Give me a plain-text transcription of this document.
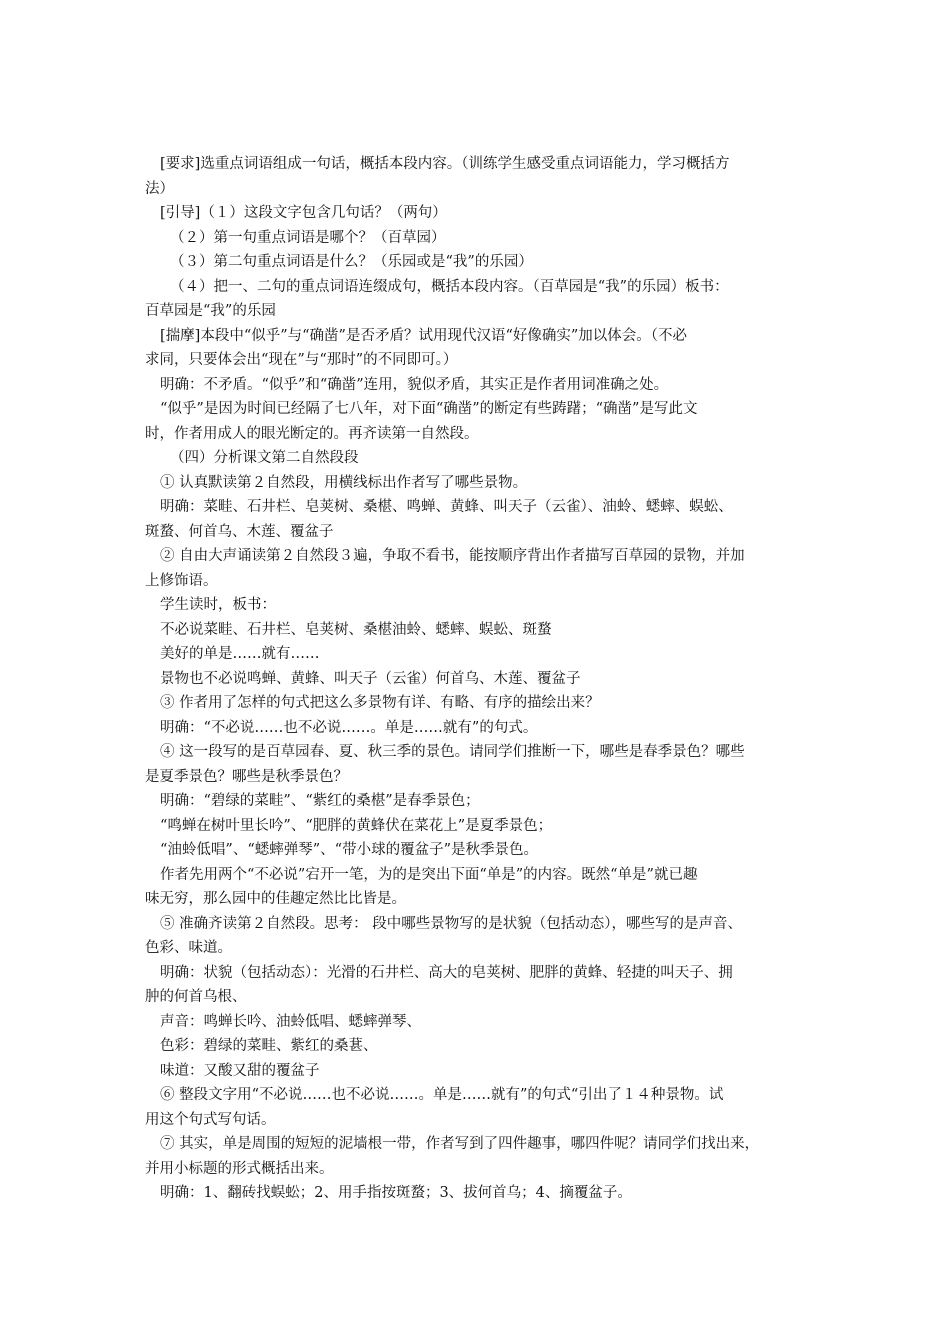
[要求]选重点词语组成一句话，概括本段内容。（训练学生感受重点词语能力，学习概括方
法）
[引导]（１）这段文字包含几句话？（两句）
（２）第一句重点词语是哪个？（百草园）
（３）第二句重点词语是什么？（乐园或是“我”的乐园）
（４）把一、二句的重点词语连缀成句，概括本段内容。（百草园是“我”的乐园）板书：
百草园是“我”的乐园
[揣摩]本段中“似乎”与“确凿”是否矛盾？试用现代汉语“好像确实”加以体会。（不必
求同，只要体会出“现在”与“那时”的不同即可。）
明确：不矛盾。“似乎”和“确凿”连用，貌似矛盾，其实正是作者用词准确之处。
“似乎”是因为时间已经隔了七八年，对下面“确凿”的断定有些踌躇；“确凿”是写此文
时，作者用成人的眼光断定的。再齐读第一自然段。
（四）分析课文第二自然段段
① 认真默读第２自然段，用横线标出作者写了哪些景物。
明确：菜畦、石井栏、皂荚树、桑椹、鸣蝉、黄蜂、叫天子（云雀）、油蛉、蟋蟀、蜈蚣、
斑蝥、何首乌、木莲、覆盆子
② 自由大声诵读第２自然段３遍，争取不看书，能按顺序背出作者描写百草园的景物，并加
上修饰语。
学生读时，板书：
不必说菜畦、石井栏、皂荚树、桑椹油蛉、蟋蟀、蜈蚣、斑蝥
美好的单是……就有……
景物也不必说鸣蝉、黄蜂、叫天子（云雀）何首乌、木莲、覆盆子
③ 作者用了怎样的句式把这么多景物有详、有略、有序的描绘出来？
明确：“不必说……也不必说……。单是……就有”的句式。
④ 这一段写的是百草园春、夏、秋三季的景色。请同学们推断一下，哪些是春季景色？哪些
是夏季景色？哪些是秋季景色？
明确：“碧绿的菜畦”、“紫红的桑椹”是春季景色；
“鸣蝉在树叶里长吟”、“肥胖的黄蜂伏在菜花上”是夏季景色；
“油蛉低唱”、“蟋蟀弹琴”、“带小球的覆盆子”是秋季景色。
作者先用两个“不必说”宕开一笔，为的是突出下面“单是”的内容。既然“单是”就已趣
味无穷，那么园中的佳趣定然比比皆是。
⑤ 准确齐读第２自然段。思考： 段中哪些景物写的是状貌（包括动态），哪些写的是声音、
色彩、味道。
明确：状貌（包括动态）：光滑的石井栏、高大的皂荚树、肥胖的黄蜂、轻捷的叫天子、拥
肿的何首乌根、
声音：鸣蝉长吟、油蛉低唱、蟋蟀弹琴、
色彩：碧绿的菜畦、紫红的桑葚、
味道：又酸又甜的覆盆子
⑥ 整段文字用“不必说……也不必说……。单是……就有”的句式“引出了１４种景物。试
用这个句式写句话。
⑦ 其实，单是周围的短短的泥墙根一带，作者写到了四件趣事，哪四件呢？请同学们找出来，
并用小标题的形式概括出来。
明确：1、翻砖找蜈蚣；2、用手指按斑蝥；3、拔何首乌；4、摘覆盆子。
